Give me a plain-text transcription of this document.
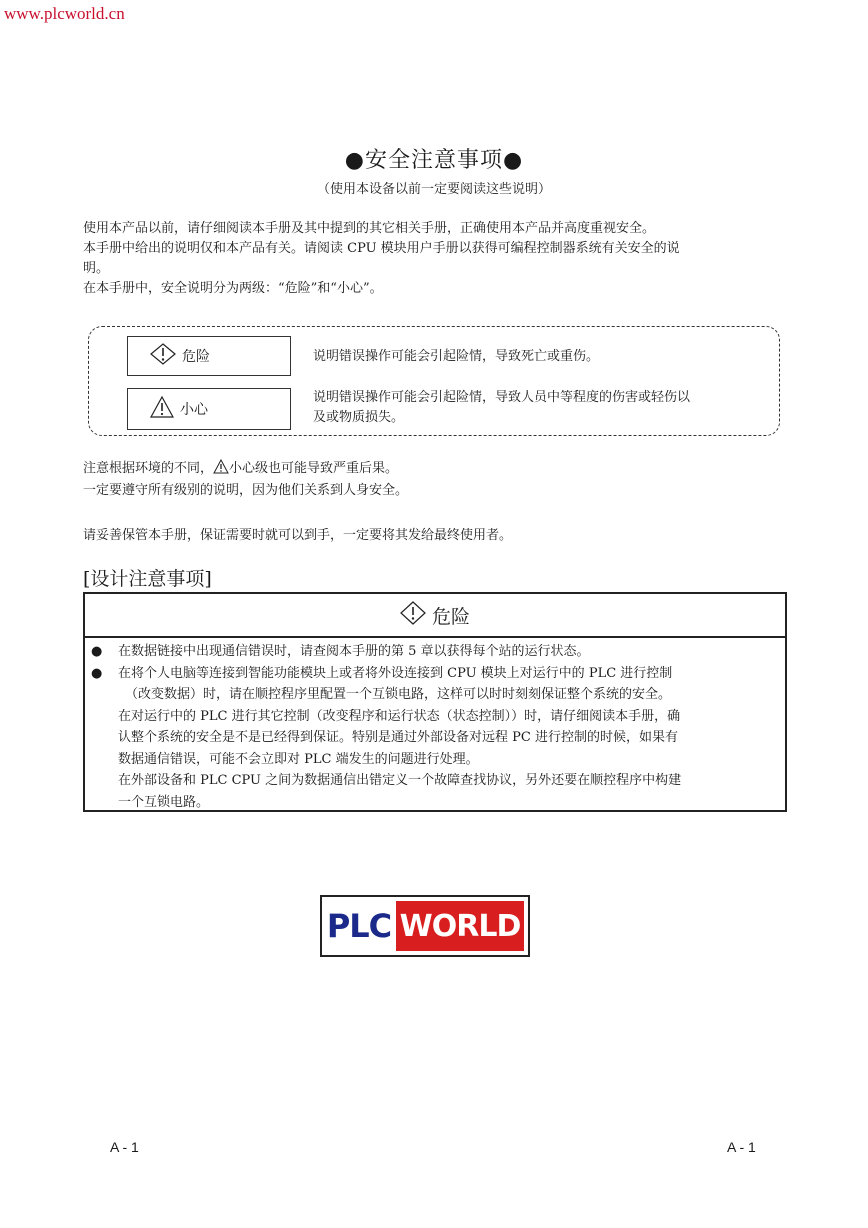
www.plcworld.cn
●安全注意事项●
（使用本设备以前一定要阅读这些说明）
使用本产品以前，请仔细阅读本手册及其中提到的其它相关手册，正确使用本产品并高度重视安全。
本手册中给出的说明仅和本产品有关。请阅读 CPU 模块用户手册以获得可编程控制器系统有关安全的说
明。
在本手册中，安全说明分为两级：“危险”和“小心”。
危险	说明错误操作可能会引起险情，导致死亡或重伤。
小心
说明错误操作可能会引起险情，导致人员中等程度的伤害或轻伤以
及或物质损失。
注意根据环境的不同， 小心级也可能导致严重后果。
一定要遵守所有级别的说明，因为他们关系到人身安全。
请妥善保管本手册，保证需要时就可以到手，一定要将其发给最终使用者。
[设计注意事项]
危险
● 在数据链接中出现通信错误时，请查阅本手册的第 5 章以获得每个站的运行状态。
● 在将个人电脑等连接到智能功能模块上或者将外设连接到 CPU 模块上对运行中的 PLC 进行控制
（改变数据）时，请在顺控程序里配置一个互锁电路，这样可以时时刻刻保证整个系统的安全。
在对运行中的 PLC 进行其它控制（改变程序和运行状态（状态控制））时，请仔细阅读本手册，确
认整个系统的安全是不是已经得到保证。特别是通过外部设备对远程 PC 进行控制的时候，如果有
数据通信错误，可能不会立即对 PLC 端发生的问题进行处理。
在外部设备和 PLC CPU 之间为数据通信出错定义一个故障查找协议，另外还要在顺控程序中构建
一个互锁电路。
PLC WORLD
A - 1	A - 1
